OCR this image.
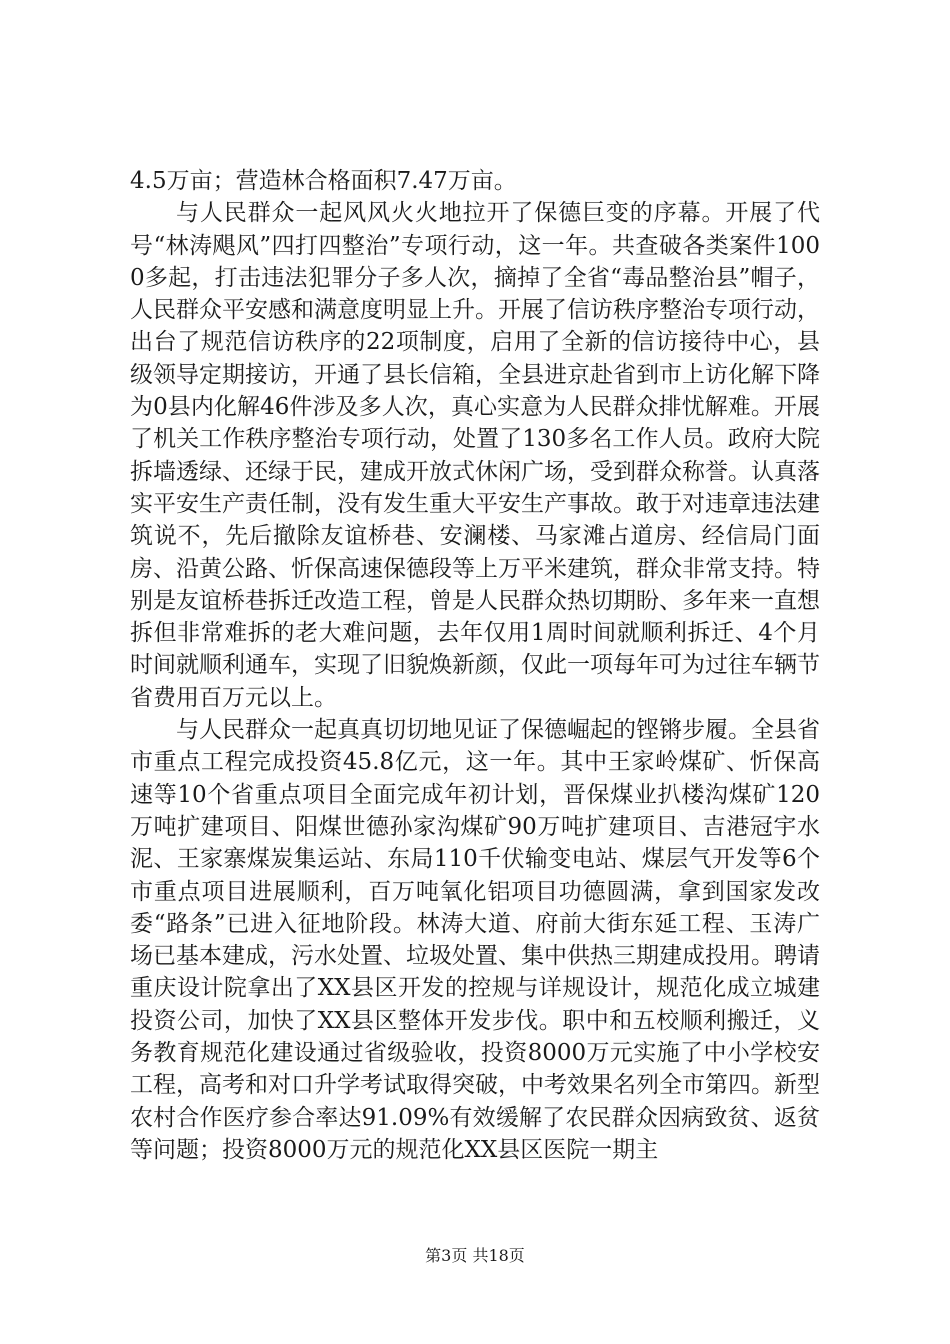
4.5万亩；营造林合格面积7.47万亩。

与人民群众一起风风火火地拉开了保德巨变的序幕。开展了代号“林涛飓风”四打四整治”专项行动，这一年。共查破各类案件1000多起，打击违法犯罪分子多人次，摘掉了全省“毒品整治县”帽子，人民群众平安感和满意度明显上升。开展了信访秩序整治专项行动，出台了规范信访秩序的22项制度，启用了全新的信访接待中心，县级领导定期接访，开通了县长信箱，全县进京赴省到市上访化解下降为0县内化解46件涉及多人次，真心实意为人民群众排忧解难。开展了机关工作秩序整治专项行动，处置了130多名工作人员。政府大院拆墙透绿、还绿于民，建成开放式休闲广场，受到群众称誉。认真落实平安生产责任制，没有发生重大平安生产事故。敢于对违章违法建筑说不，先后撤除友谊桥巷、安澜楼、马家滩占道房、经信局门面房、沿黄公路、忻保高速保德段等上万平米建筑，群众非常支持。特别是友谊桥巷拆迁改造工程，曾是人民群众热切期盼、多年来一直想拆但非常难拆的老大难问题，去年仅用1周时间就顺利拆迁、4个月时间就顺利通车，实现了旧貌焕新颜，仅此一项每年可为过往车辆节省费用百万元以上。

与人民群众一起真真切切地见证了保德崛起的铿锵步履。全县省市重点工程完成投资45.8亿元，这一年。其中王家岭煤矿、忻保高速等10个省重点项目全面完成年初计划，晋保煤业扒楼沟煤矿120万吨扩建项目、阳煤世德孙家沟煤矿90万吨扩建项目、吉港冠宇水泥、王家寨煤炭集运站、东局110千伏输变电站、煤层气开发等6个市重点项目进展顺利，百万吨氧化铝项目功德圆满，拿到国家发改委“路条”已进入征地阶段。林涛大道、府前大街东延工程、玉涛广场已基本建成，污水处置、垃圾处置、集中供热三期建成投用。聘请重庆设计院拿出了XX县区开发的控规与详规设计，规范化成立城建投资公司，加快了XX县区整体开发步伐。职中和五校顺利搬迁，义务教育规范化建设通过省级验收，投资8000万元实施了中小学校安工程，高考和对口升学考试取得突破，中考效果名列全市第四。新型农村合作医疗参合率达91.09%有效缓解了农民群众因病致贫、返贫等问题；投资8000万元的规范化XX县区医院一期主

第3页 共18页
